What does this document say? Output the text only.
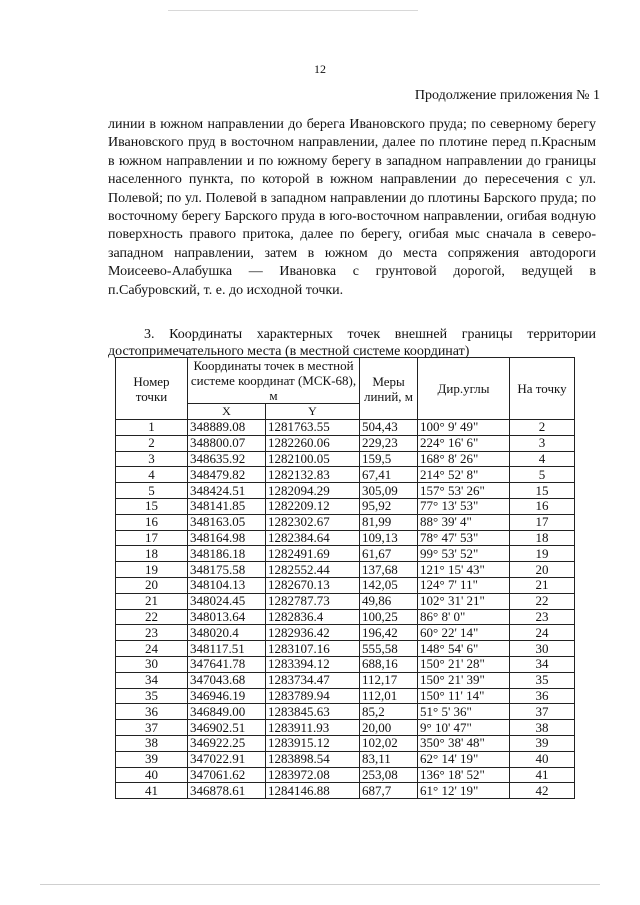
12
Продолжение приложения № 1

линии в южном направлении до берега Ивановского пруда; по северному берегу Ивановского пруд в восточном направлении, далее по плотине перед п.Красным в южном направлении и по южному берегу в западном направлении до границы населенного пункта, по которой в южном направлении до пересечения с ул. Полевой; по ул. Полевой в западном направлении до плотины Барского пруда; по восточному берегу Барского пруда в юго-восточном направлении, огибая водную поверхность правого притока, далее по берегу, огибая мыс сначала в северо-западном направлении, затем в южном до места сопряжения автодороги Моисеево-Алабушка — Ивановка с грунтовой дорогой, ведущей в п.Сабуровский, т. е. до исходной точки.

3. Координаты характерных точек внешней границы территории достопримечательного места (в местной системе координат)

Номер точки	Координаты точек в местной системе координат (МСК-68), м		Меры линий, м	Дир.углы	На точку
	X	Y			
1	348889.08	1281763.55	504,43	100° 9' 49"	2
2	348800.07	1282260.06	229,23	224° 16' 6"	3
3	348635.92	1282100.05	159,5	168° 8' 26"	4
4	348479.82	1282132.83	67,41	214° 52' 8"	5
5	348424.51	1282094.29	305,09	157° 53' 26"	15
15	348141.85	1282209.12	95,92	77° 13' 53"	16
16	348163.05	1282302.67	81,99	88° 39' 4"	17
17	348164.98	1282384.64	109,13	78° 47' 53"	18
18	348186.18	1282491.69	61,67	99° 53' 52"	19
19	348175.58	1282552.44	137,68	121° 15' 43"	20
20	348104.13	1282670.13	142,05	124° 7' 11"	21
21	348024.45	1282787.73	49,86	102° 31' 21"	22
22	348013.64	1282836.4	100,25	86° 8' 0"	23
23	348020.4	1282936.42	196,42	60° 22' 14"	24
24	348117.51	1283107.16	555,58	148° 54' 6"	30
30	347641.78	1283394.12	688,16	150° 21' 28"	34
34	347043.68	1283734.47	112,17	150° 21' 39"	35
35	346946.19	1283789.94	112,01	150° 11' 14"	36
36	346849.00	1283845.63	85,2	51° 5' 36"	37
37	346902.51	1283911.93	20,00	9° 10' 47"	38
38	346922.25	1283915.12	102,02	350° 38' 48"	39
39	347022.91	1283898.54	83,11	62° 14' 19"	40
40	347061.62	1283972.08	253,08	136° 18' 52"	41
41	346878.61	1284146.88	687,7	61° 12' 19"	42
